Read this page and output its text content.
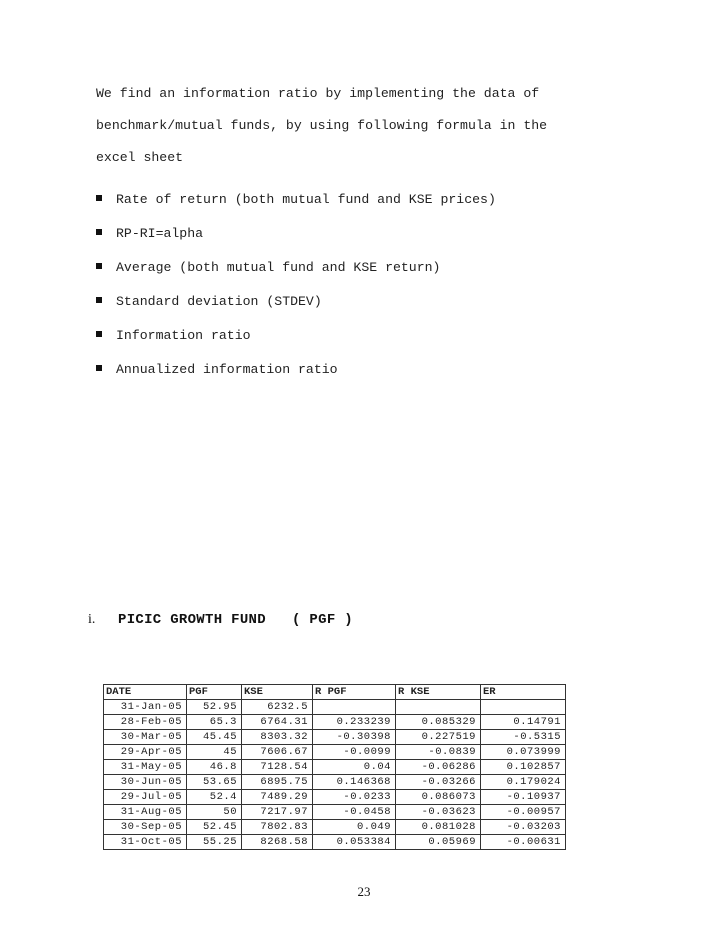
We find an information ratio by implementing the data of
benchmark/mutual funds, by using following formula in the
excel sheet
Rate of return (both mutual fund and KSE prices)
RP-RI=alpha
Average (both mutual fund and KSE return)
Standard deviation (STDEV)
Information ratio
Annualized information ratio
i.	PICIC GROWTH FUND   ( PGF )
DATE	PGF	KSE	R PGF	R KSE	ER
31-Jan-05	52.95	6232.5			
28-Feb-05	65.3	6764.31	0.233239	0.085329	0.14791
30-Mar-05	45.45	8303.32	-0.30398	0.227519	-0.5315
29-Apr-05	45	7606.67	-0.0099	-0.0839	0.073999
31-May-05	46.8	7128.54	0.04	-0.06286	0.102857
30-Jun-05	53.65	6895.75	0.146368	-0.03266	0.179024
29-Jul-05	52.4	7489.29	-0.0233	0.086073	-0.10937
31-Aug-05	50	7217.97	-0.0458	-0.03623	-0.00957
30-Sep-05	52.45	7802.83	0.049	0.081028	-0.03203
31-Oct-05	55.25	8268.58	0.053384	0.05969	-0.00631
23
